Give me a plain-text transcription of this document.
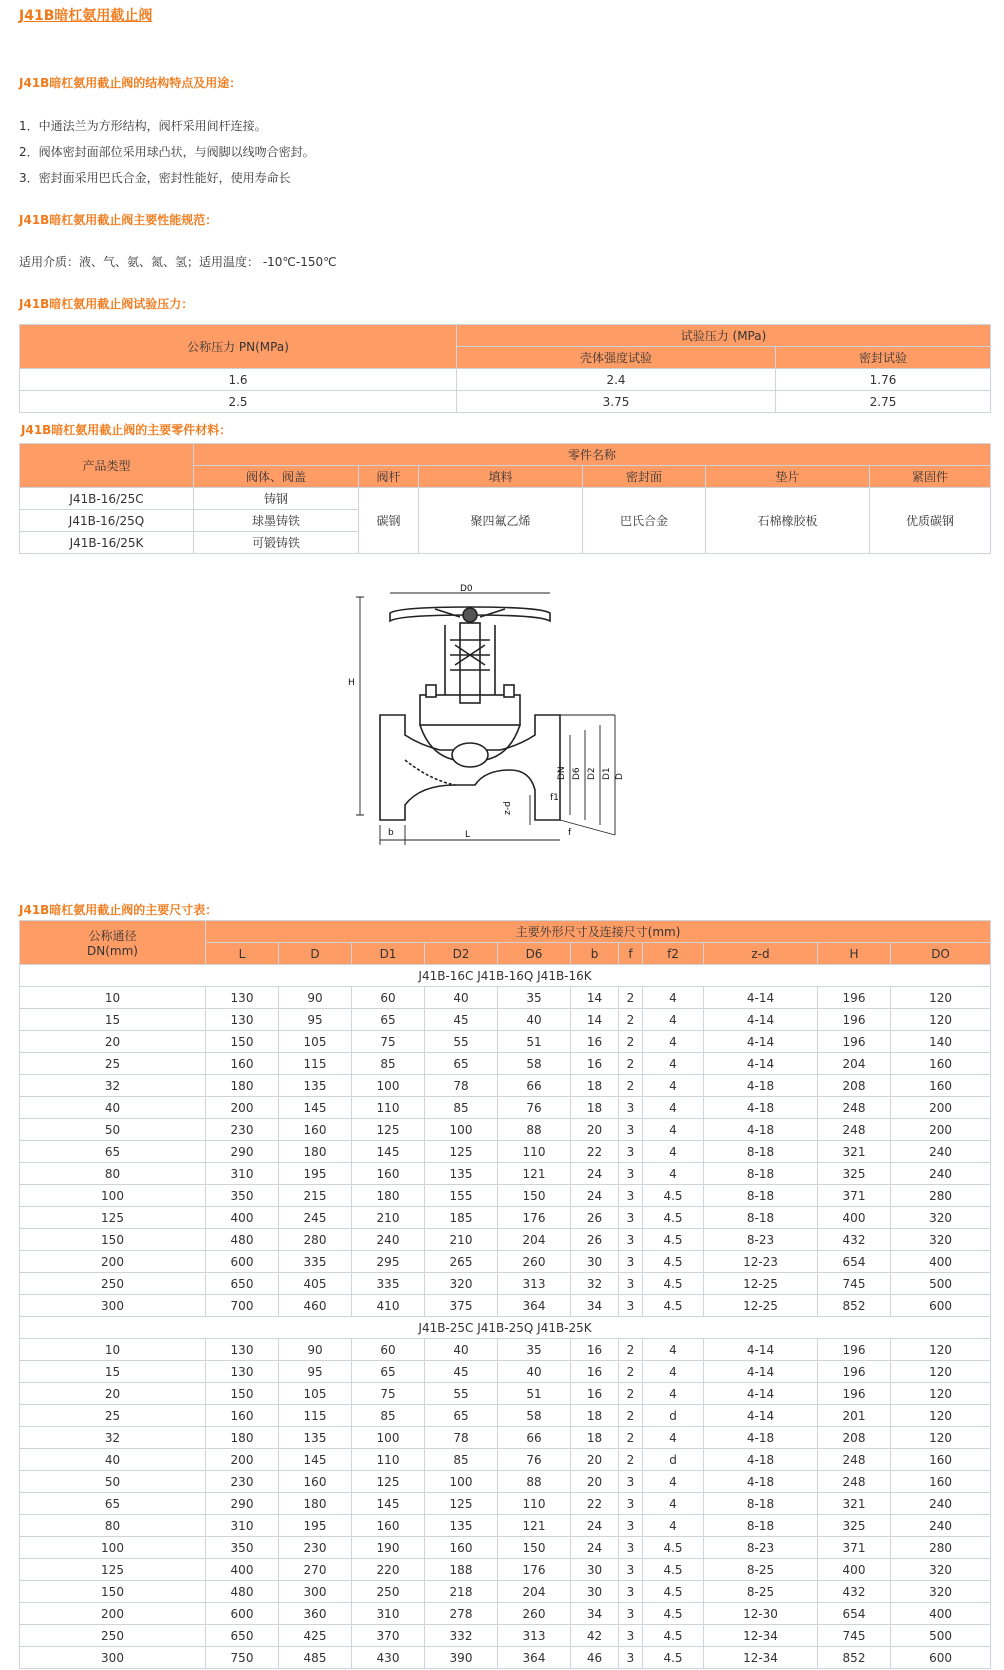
J41B暗杠氨用截止阀
J41B暗杠氨用截止阀的结构特点及用途：
1．中通法兰为方形结构，阀杆采用间杆连接。
2．阀体密封面部位采用球凸状，与阀脚以线吻合密封。
3．密封面采用巴氏合金，密封性能好，使用寿命长
J41B暗杠氨用截止阀主要性能规范：
适用介质：液、气、氨、氮、氢；适用温度： -10℃-150℃
J41B暗杠氨用截止阀试验压力：
公称压力 PN(MPa)	试验压力 (MPa)	
	壳体强度试验	密封试验
1.6	2.4	1.76
2.5	3.75	2.75
J41B暗杠氨用截止阀的主要零件材料：
产品类型	零件名称					
	阀体、阀盖	阀杆	填料	密封面	垫片	紧固件
J41B-16/25C	铸钢	碳钢	聚四氟乙烯	巴氏合金	石棉橡胶板	优质碳钢
J41B-16/25Q	球墨铸铁					
J41B-16/25K	可锻铸铁					
D0
H
DN D6 D2 D1 D
f1
z-d
b	L	f
J41B暗杠氨用截止阀的主要尺寸表：
公称通径
DN(mm)	主要外形尺寸及连接尺寸(mm)										
	L	D	D1	D2	D6	b	f	f2	z-d	H	DO
J41B-16C J41B-16Q J41B-16K											
10	130	90	60	40	35	14	2	4	4-14	196	120
15	130	95	65	45	40	14	2	4	4-14	196	120
20	150	105	75	55	51	16	2	4	4-14	196	140
25	160	115	85	65	58	16	2	4	4-14	204	160
32	180	135	100	78	66	18	2	4	4-18	208	160
40	200	145	110	85	76	18	3	4	4-18	248	200
50	230	160	125	100	88	20	3	4	4-18	248	200
65	290	180	145	125	110	22	3	4	8-18	321	240
80	310	195	160	135	121	24	3	4	8-18	325	240
100	350	215	180	155	150	24	3	4.5	8-18	371	280
125	400	245	210	185	176	26	3	4.5	8-18	400	320
150	480	280	240	210	204	26	3	4.5	8-23	432	320
200	600	335	295	265	260	30	3	4.5	12-23	654	400
250	650	405	335	320	313	32	3	4.5	12-25	745	500
300	700	460	410	375	364	34	3	4.5	12-25	852	600
J41B-25C J41B-25Q J41B-25K											
10	130	90	60	40	35	16	2	4	4-14	196	120
15	130	95	65	45	40	16	2	4	4-14	196	120
20	150	105	75	55	51	16	2	4	4-14	196	120
25	160	115	85	65	58	18	2	d	4-14	201	120
32	180	135	100	78	66	18	2	4	4-18	208	120
40	200	145	110	85	76	20	2	d	4-18	248	160
50	230	160	125	100	88	20	3	4	4-18	248	160
65	290	180	145	125	110	22	3	4	8-18	321	240
80	310	195	160	135	121	24	3	4	8-18	325	240
100	350	230	190	160	150	24	3	4.5	8-23	371	280
125	400	270	220	188	176	30	3	4.5	8-25	400	320
150	480	300	250	218	204	30	3	4.5	8-25	432	320
200	600	360	310	278	260	34	3	4.5	12-30	654	400
250	650	425	370	332	313	42	3	4.5	12-34	745	500
300	750	485	430	390	364	46	3	4.5	12-34	852	600
